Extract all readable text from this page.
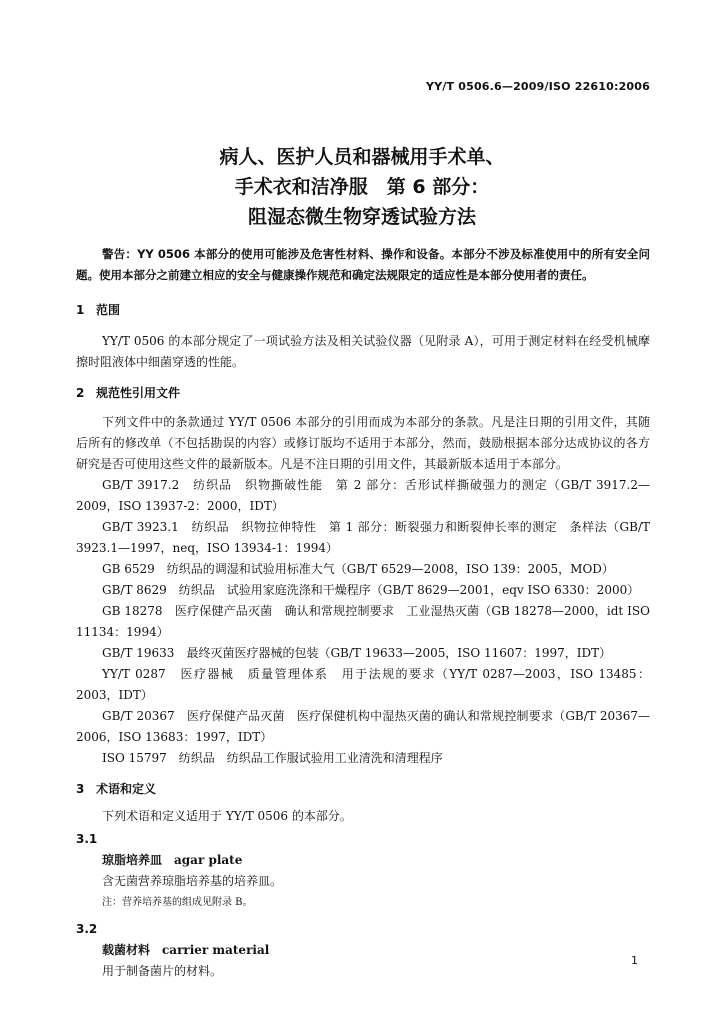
YY/T 0506.6—2009/ISO 22610:2006
病人、医护人员和器械用手术单、
手术衣和洁净服　第 6 部分：
阻湿态微生物穿透试验方法

警告：YY 0506 本部分的使用可能涉及危害性材料、操作和设备。本部分不涉及标准使用中的所有安全问题。使用本部分之前建立相应的安全与健康操作规范和确定法规限定的适应性是本部分使用者的责任。

1 范围

YY/T 0506 的本部分规定了一项试验方法及相关试验仪器（见附录 A），可用于测定材料在经受机械摩擦时阻液体中细菌穿透的性能。

2 规范性引用文件

下列文件中的条款通过 YY/T 0506 本部分的引用而成为本部分的条款。凡是注日期的引用文件，其随后所有的修改单（不包括勘误的内容）或修订版均不适用于本部分，然而，鼓励根据本部分达成协议的各方研究是否可使用这些文件的最新版本。凡是不注日期的引用文件，其最新版本适用于本部分。

GB/T 3917.2　纺织品　织物撕破性能　第 2 部分：舌形试样撕破强力的测定（GB/T 3917.2—2009，ISO 13937-2：2000，IDT）

GB/T 3923.1　纺织品　织物拉伸特性　第 1 部分：断裂强力和断裂伸长率的测定　条样法（GB/T 3923.1—1997，neq，ISO 13934-1：1994）

GB 6529　纺织品的调湿和试验用标准大气（GB/T 6529—2008，ISO 139：2005，MOD）

GB/T 8629　纺织品　试验用家庭洗涤和干燥程序（GB/T 8629—2001，eqv ISO 6330：2000）

GB 18278　医疗保健产品灭菌　确认和常规控制要求　工业湿热灭菌（GB 18278—2000，idt ISO 11134：1994）

GB/T 19633　最终灭菌医疗器械的包装（GB/T 19633—2005，ISO 11607：1997，IDT）

YY/T 0287　医疗器械　质量管理体系　用于法规的要求（YY/T 0287—2003，ISO 13485：2003，IDT）

GB/T 20367　医疗保健产品灭菌　医疗保健机构中湿热灭菌的确认和常规控制要求（GB/T 20367—2006，ISO 13683：1997，IDT）

ISO 15797　纺织品　纺织品工作服试验用工业清洗和清理程序

3 术语和定义

下列术语和定义适用于 YY/T 0506 的本部分。

3.1

琼脂培养皿　agar plate

含无菌营养琼脂培养基的培养皿。

注：营养培养基的组成见附录 B。

3.2

载菌材料　carrier material

用于制备菌片的材料。

1
